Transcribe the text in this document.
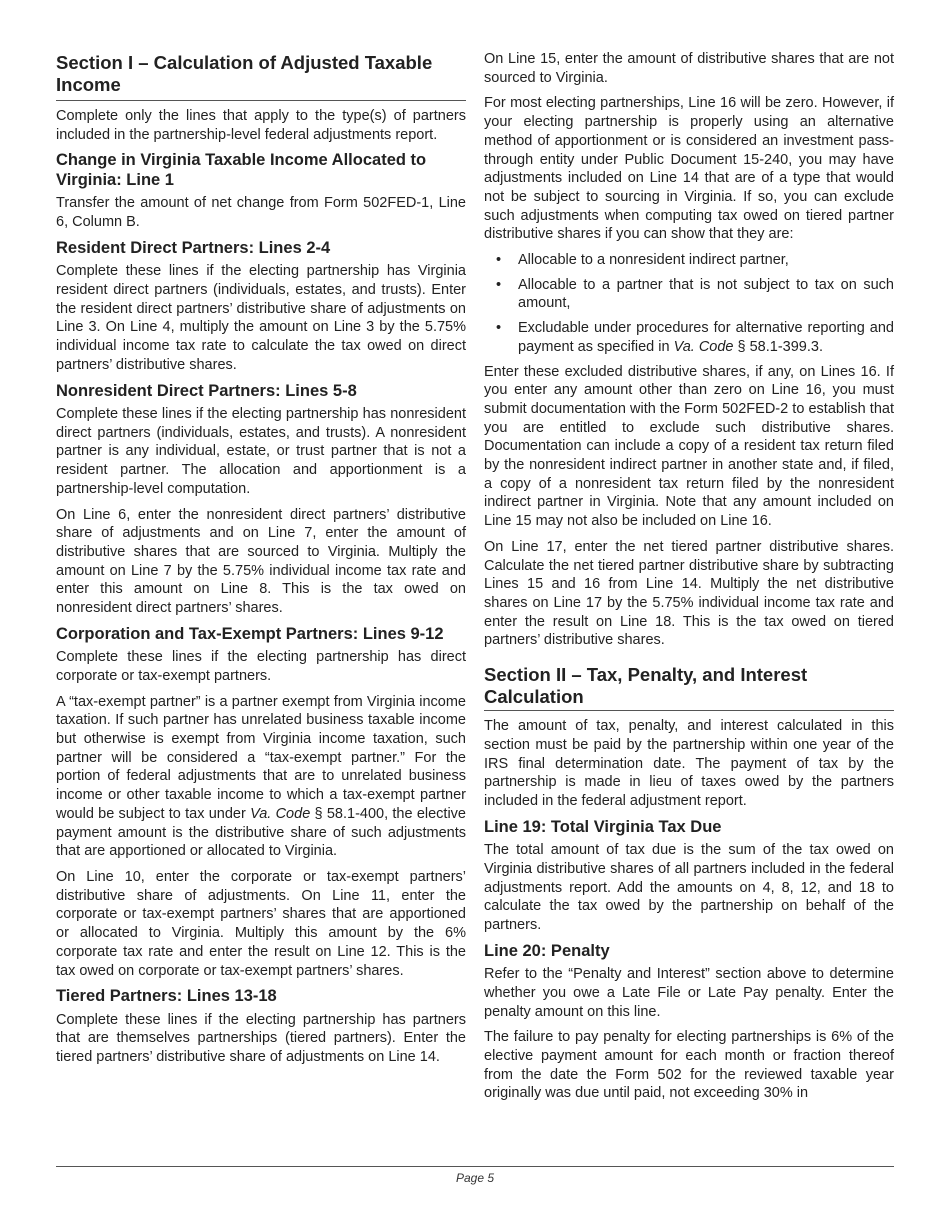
Section I – Calculation of Adjusted Taxable Income

Complete only the lines that apply to the type(s) of partners included in the partnership-level federal adjustments report.

Change in Virginia Taxable Income Allocated to Virginia: Line 1

Transfer the amount of net change from Form 502FED-1, Line 6, Column B.

Resident Direct Partners: Lines 2-4

Complete these lines if the electing partnership has Virginia resident direct partners (individuals, estates, and trusts). Enter the resident direct partners’ distributive share of adjustments on Line 3. On Line 4, multiply the amount on Line 3 by the 5.75% individual income tax rate to calculate the tax owed on direct partners’ distributive shares.

Nonresident Direct Partners: Lines 5-8

Complete these lines if the electing partnership has nonresident direct partners (individuals, estates, and trusts). A nonresident partner is any individual, estate, or trust partner that is not a resident partner. The allocation and apportionment is a partnership-level computation.

On Line 6, enter the nonresident direct partners’ distributive share of adjustments and on Line 7, enter the amount of distributive shares that are sourced to Virginia. Multiply the amount on Line 7 by the 5.75% individual income tax rate and enter this amount on Line 8. This is the tax owed on nonresident direct partners’ shares.

Corporation and Tax-Exempt Partners: Lines 9-12

Complete these lines if the electing partnership has direct corporate or tax-exempt partners.

A “tax-exempt partner” is a partner exempt from Virginia income taxation. If such partner has unrelated business taxable income but otherwise is exempt from Virginia income taxation, such partner will be considered a “tax-exempt partner.” For the portion of federal adjustments that are to unrelated business income or other taxable income to which a tax-exempt partner would be subject to tax under Va. Code § 58.1-400, the elective payment amount is the distributive share of such adjustments that are apportioned or allocated to Virginia.

On Line 10, enter the corporate or tax-exempt partners’ distributive share of adjustments. On Line 11, enter the corporate or tax-exempt partners’ shares that are apportioned or allocated to Virginia. Multiply this amount by the 6% corporate tax rate and enter the result on Line 12. This is the tax owed on corporate or tax-exempt partners’ shares.

Tiered Partners: Lines 13-18

Complete these lines if the electing partnership has partners that are themselves partnerships (tiered partners). Enter the tiered partners’ distributive share of adjustments on Line 14.

On Line 15, enter the amount of distributive shares that are not sourced to Virginia.

For most electing partnerships, Line 16 will be zero. However, if your electing partnership is properly using an alternative method of apportionment or is considered an investment pass-through entity under Public Document 15-240, you may have adjustments included on Line 14 that are of a type that would not be subject to sourcing in Virginia. If so, you can exclude such adjustments when computing tax owed on tiered partner distributive shares if you can show that they are:

• Allocable to a nonresident indirect partner,
• Allocable to a partner that is not subject to tax on such amount,
• Excludable under procedures for alternative reporting and payment as specified in Va. Code § 58.1-399.3.

Enter these excluded distributive shares, if any, on Lines 16. If you enter any amount other than zero on Line 16, you must submit documentation with the Form 502FED-2 to establish that you are entitled to exclude such distributive shares. Documentation can include a copy of a resident tax return filed by the nonresident indirect partner in another state and, if filed, a copy of a nonresident tax return filed by the nonresident indirect partner in Virginia. Note that any amount included on Line 15 may not also be included on Line 16.

On Line 17, enter the net tiered partner distributive shares. Calculate the net tiered partner distributive share by subtracting Lines 15 and 16 from Line 14. Multiply the net distributive shares on Line 17 by the 5.75% individual income tax rate and enter the result on Line 18. This is the tax owed on tiered partners’ distributive shares.

Section II – Tax, Penalty, and Interest Calculation

The amount of tax, penalty, and interest calculated in this section must be paid by the partnership within one year of the IRS final determination date. The payment of tax by the partnership is made in lieu of taxes owed by the partners included in the federal adjustment report.

Line 19: Total Virginia Tax Due

The total amount of tax due is the sum of the tax owed on Virginia distributive shares of all partners included in the federal adjustments report. Add the amounts on 4, 8, 12, and 18 to calculate the tax owed by the partnership on behalf of the partners.

Line 20: Penalty

Refer to the “Penalty and Interest” section above to determine whether you owe a Late File or Late Pay penalty. Enter the penalty amount on this line.

The failure to pay penalty for electing partnerships is 6% of the elective payment amount for each month or fraction thereof from the date the Form 502 for the reviewed taxable year originally was due until paid, not exceeding 30% in

Page 5
